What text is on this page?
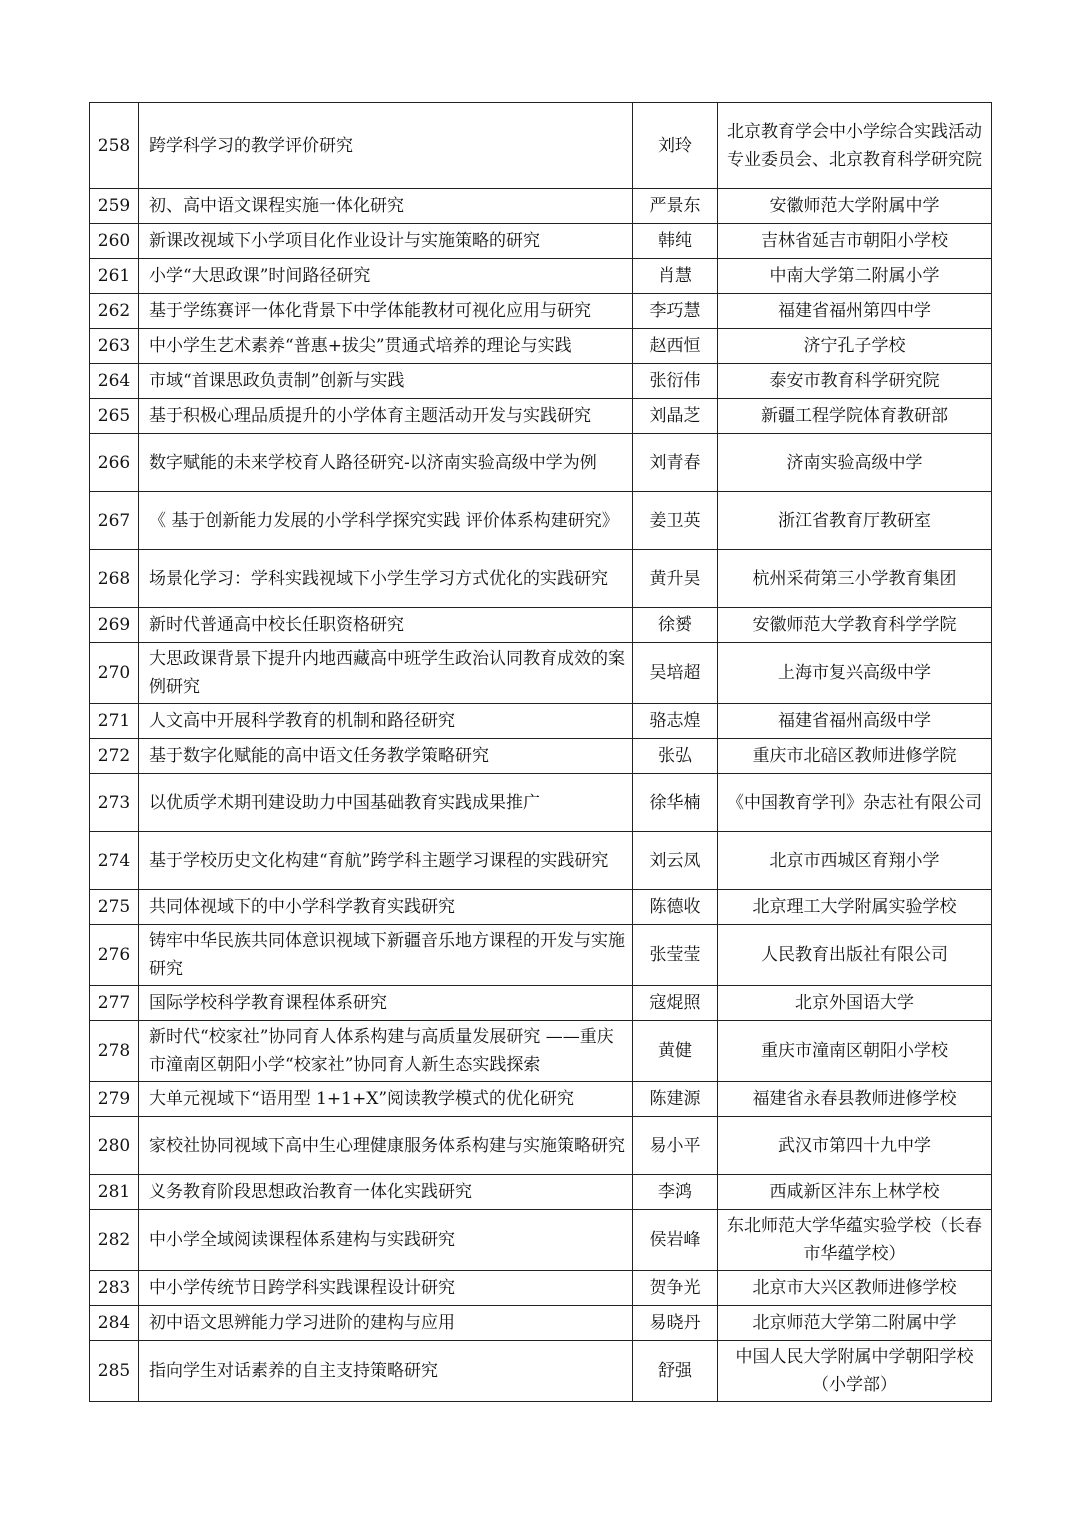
258	跨学科学习的教学评价研究	刘玲	北京教育学会中小学综合实践活动专业委员会、北京教育科学研究院
259	初、高中语文课程实施一体化研究	严景东	安徽师范大学附属中学
260	新课改视域下小学项目化作业设计与实施策略的研究	韩纯	吉林省延吉市朝阳小学校
261	小学“大思政课”时间路径研究	肖慧	中南大学第二附属小学
262	基于学练赛评一体化背景下中学体能教材可视化应用与研究	李巧慧	福建省福州第四中学
263	中小学生艺术素养“普惠+拔尖”贯通式培养的理论与实践	赵西恒	济宁孔子学校
264	市域“首课思政负责制”创新与实践	张衍伟	泰安市教育科学研究院
265	基于积极心理品质提升的小学体育主题活动开发与实践研究	刘晶芝	新疆工程学院体育教研部
266	数字赋能的未来学校育人路径研究-以济南实验高级中学为例	刘青春	济南实验高级中学
267	《 基于创新能力发展的小学科学探究实践 评价体系构建研究》	姜卫英	浙江省教育厅教研室
268	场景化学习：学科实践视域下小学生学习方式优化的实践研究	黄升昊	杭州采荷第三小学教育集团
269	新时代普通高中校长任职资格研究	徐赟	安徽师范大学教育科学学院
270	大思政课背景下提升内地西藏高中班学生政治认同教育成效的案例研究	吴培超	上海市复兴高级中学
271	人文高中开展科学教育的机制和路径研究	骆志煌	福建省福州高级中学
272	基于数字化赋能的高中语文任务教学策略研究	张弘	重庆市北碚区教师进修学院
273	以优质学术期刊建设助力中国基础教育实践成果推广	徐华楠	《中国教育学刊》杂志社有限公司
274	基于学校历史文化构建“育航”跨学科主题学习课程的实践研究	刘云凤	北京市西城区育翔小学
275	共同体视域下的中小学科学教育实践研究	陈德收	北京理工大学附属实验学校
276	铸牢中华民族共同体意识视域下新疆音乐地方课程的开发与实施研究	张莹莹	人民教育出版社有限公司
277	国际学校科学教育课程体系研究	寇焜照	北京外国语大学
278	新时代“校家社”协同育人体系构建与高质量发展研究 ——重庆市潼南区朝阳小学“校家社”协同育人新生态实践探索	黄健	重庆市潼南区朝阳小学校
279	大单元视域下“语用型 1+1+X”阅读教学模式的优化研究	陈建源	福建省永春县教师进修学校
280	家校社协同视域下高中生心理健康服务体系构建与实施策略研究	易小平	武汉市第四十九中学
281	义务教育阶段思想政治教育一体化实践研究	李鸿	西咸新区沣东上林学校
282	中小学全域阅读课程体系建构与实践研究	侯岩峰	东北师范大学华蕴实验学校（长春市华蕴学校）
283	中小学传统节日跨学科实践课程设计研究	贺争光	北京市大兴区教师进修学校
284	初中语文思辨能力学习进阶的建构与应用	易晓丹	北京师范大学第二附属中学
285	指向学生对话素养的自主支持策略研究	舒强	中国人民大学附属中学朝阳学校（小学部）
